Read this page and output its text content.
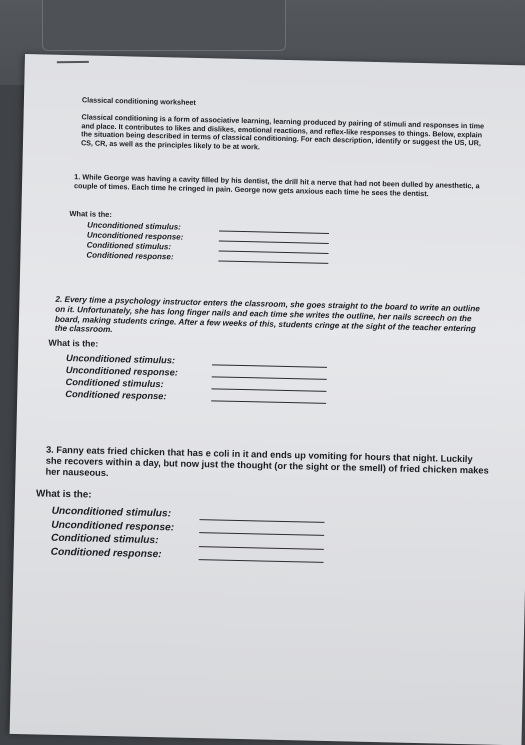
Classical conditioning worksheet
Classical conditioning is a form of associative learning, learning produced by pairing of stimuli and responses in time and place. It contributes to likes and dislikes, emotional reactions, and reflex-like responses to things. Below, explain the situation being described in terms of classical conditioning. For each description, identify or suggest the US, UR, CS, CR, as well as the principles likely to be at work.
1. While George was having a cavity filled by his dentist, the drill hit a nerve that had not been dulled by anesthetic, a couple of times. Each time he cringed in pain. George now gets anxious each time he sees the dentist.
What is the:
Unconditioned stimulus:
Unconditioned response:
Conditioned stimulus:
Conditioned response:
2. Every time a psychology instructor enters the classroom, she goes straight to the board to write an outline on it. Unfortunately, she has long finger nails and each time she writes the outline, her nails screech on the board, making students cringe. After a few weeks of this, students cringe at the sight of the teacher entering the classroom.
What is the:
Unconditioned stimulus:
Unconditioned response:
Conditioned stimulus:
Conditioned response:
3. Fanny eats fried chicken that has e coli in it and ends up vomiting for hours that night. Luckily she recovers within a day, but now just the thought (or the sight or the smell) of fried chicken makes her nauseous.
What is the:
Unconditioned stimulus:
Unconditioned response:
Conditioned stimulus:
Conditioned response:
